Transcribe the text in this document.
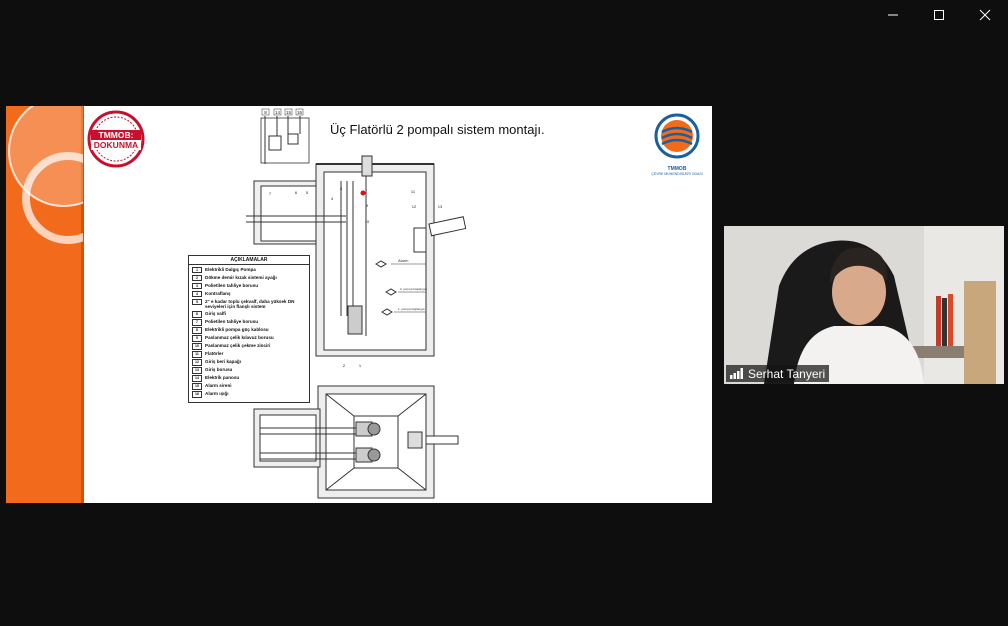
TMMOB:
DOKUNMA
Üç Flatörlü 2 pompalı sistem montajı.
TMMOB
ÇEVRE MÜHENDİSLERİ ODASI
8 14 15 16
7	6 5
4
3
9
10
11
12	13
2	1
Alarm
2. pompa başlangıcı
1. pompa başlangıcı
AÇIKLAMALAR
1	Elektrikli Dalgıç Pompa
2	Dökme demir kızak sistemi ayağı
3	Polietilen tahliye borusu
4	Kontraflanş
5	2" e kadar toplu çekvalf, daha yüksek DN seviyeleri için flanşlı sistem
6	Giriş valfi
7	Polietilen tahliye borusu
8	Elektrikli pompa güç kablosu
9	Paslanmaz çelik kılavuz borusu
10	Paslanmaz çelik çekme zinciri
11	Flatörler
12	Giriş beri kapağı
13	Giriş borusu
14	Elektrik panosu
15	Alarm sireni
16	Alarm ışığı
Serhat Tanyeri
